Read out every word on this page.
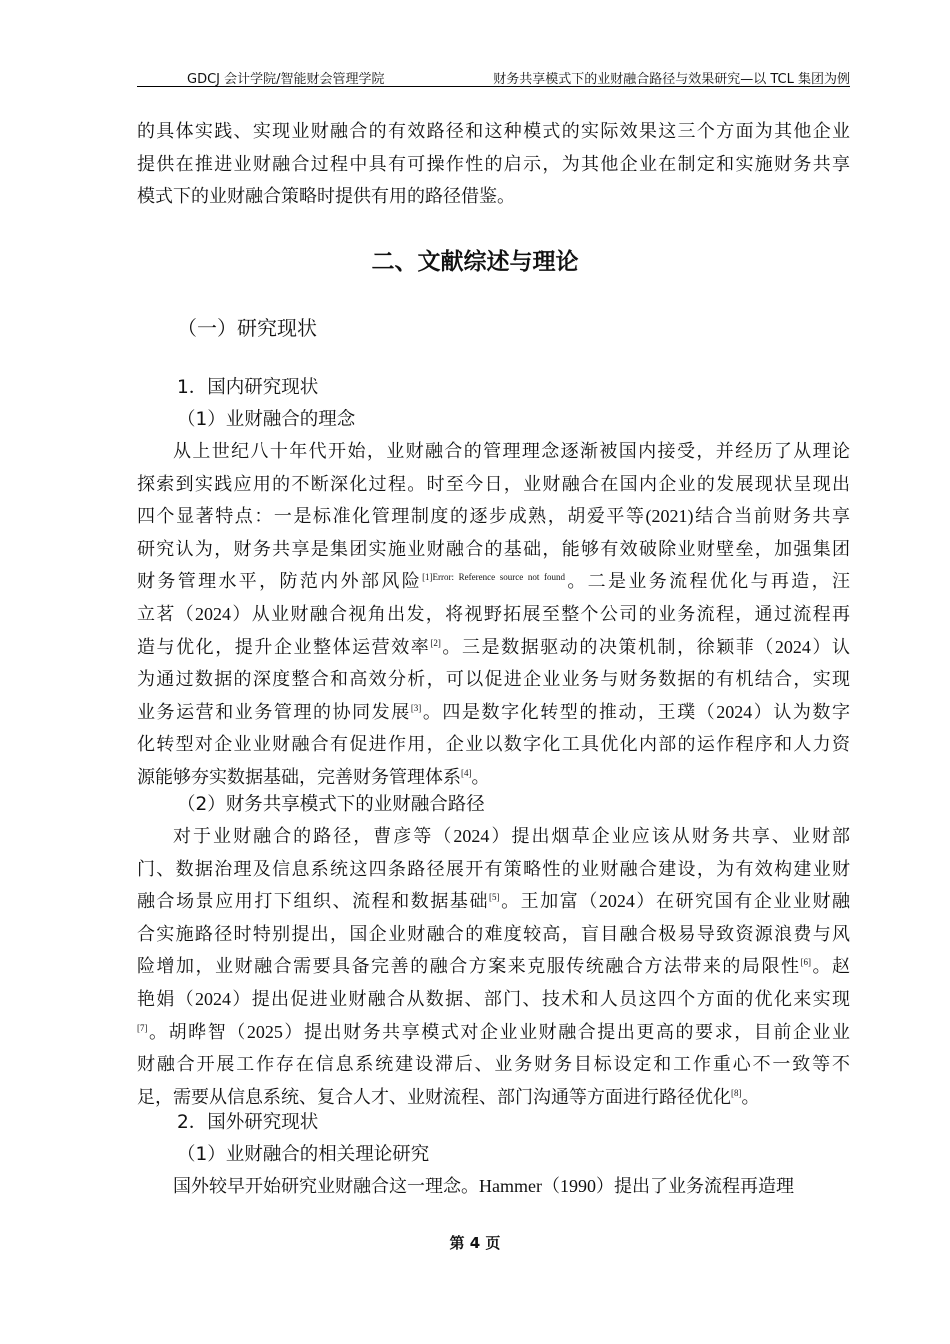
GDCJ 会计学院/智能财会管理学院	财务共享模式下的业财融合路径与效果研究—以 TCL 集团为例
的具体实践、实现业财融合的有效路径和这种模式的实际效果这三个方面为其他企业
提供在推进业财融合过程中具有可操作性的启示，为其他企业在制定和实施财务共享
模式下的业财融合策略时提供有用的路径借鉴。
二、文献综述与理论
（一）研究现状
1．国内研究现状
（1）业财融合的理念
从上世纪八十年代开始，业财融合的管理理念逐渐被国内接受，并经历了从理论
探索到实践应用的不断深化过程。时至今日，业财融合在国内企业的发展现状呈现出
四个显著特点：一是标准化管理制度的逐步成熟，胡爱平等(2021)结合当前财务共享
研究认为，财务共享是集团实施业财融合的基础，能够有效破除业财壁垒，加强集团
财务管理水平，防范内外部风险$^{[1]Error: Reference source not found}$。二是业务流程优化与再造，汪
立茗（2024）从业财融合视角出发，将视野拓展至整个公司的业务流程，通过流程再
造与优化，提升企业整体运营效率[2]。三是数据驱动的决策机制，徐颖菲（2024）认
为通过数据的深度整合和高效分析，可以促进企业业务与财务数据的有机结合，实现
业务运营和业务管理的协同发展[3]。四是数字化转型的推动，王璞（2024）认为数字
化转型对企业业财融合有促进作用，企业以数字化工具优化内部的运作程序和人力资
源能够夯实数据基础，完善财务管理体系[4]。
（2）财务共享模式下的业财融合路径
对于业财融合的路径，曹彦等（2024）提出烟草企业应该从财务共享、业财部
门、数据治理及信息系统这四条路径展开有策略性的业财融合建设，为有效构建业财
融合场景应用打下组织、流程和数据基础[5]。王加富（2024）在研究国有企业业财融
合实施路径时特别提出，国企业财融合的难度较高，盲目融合极易导致资源浪费与风
险增加，业财融合需要具备完善的融合方案来克服传统融合方法带来的局限性[6]。赵
艳娟（2024）提出促进业财融合从数据、部门、技术和人员这四个方面的优化来实现
[7]。胡晔智（2025）提出财务共享模式对企业业财融合提出更高的要求，目前企业业
财融合开展工作存在信息系统建设滞后、业务财务目标设定和工作重心不一致等不
足，需要从信息系统、复合人才、业财流程、部门沟通等方面进行路径优化[8]。
2．国外研究现状
（1）业财融合的相关理论研究
国外较早开始研究业财融合这一理念。Hammer（1990）提出了业务流程再造理
第 4 页
